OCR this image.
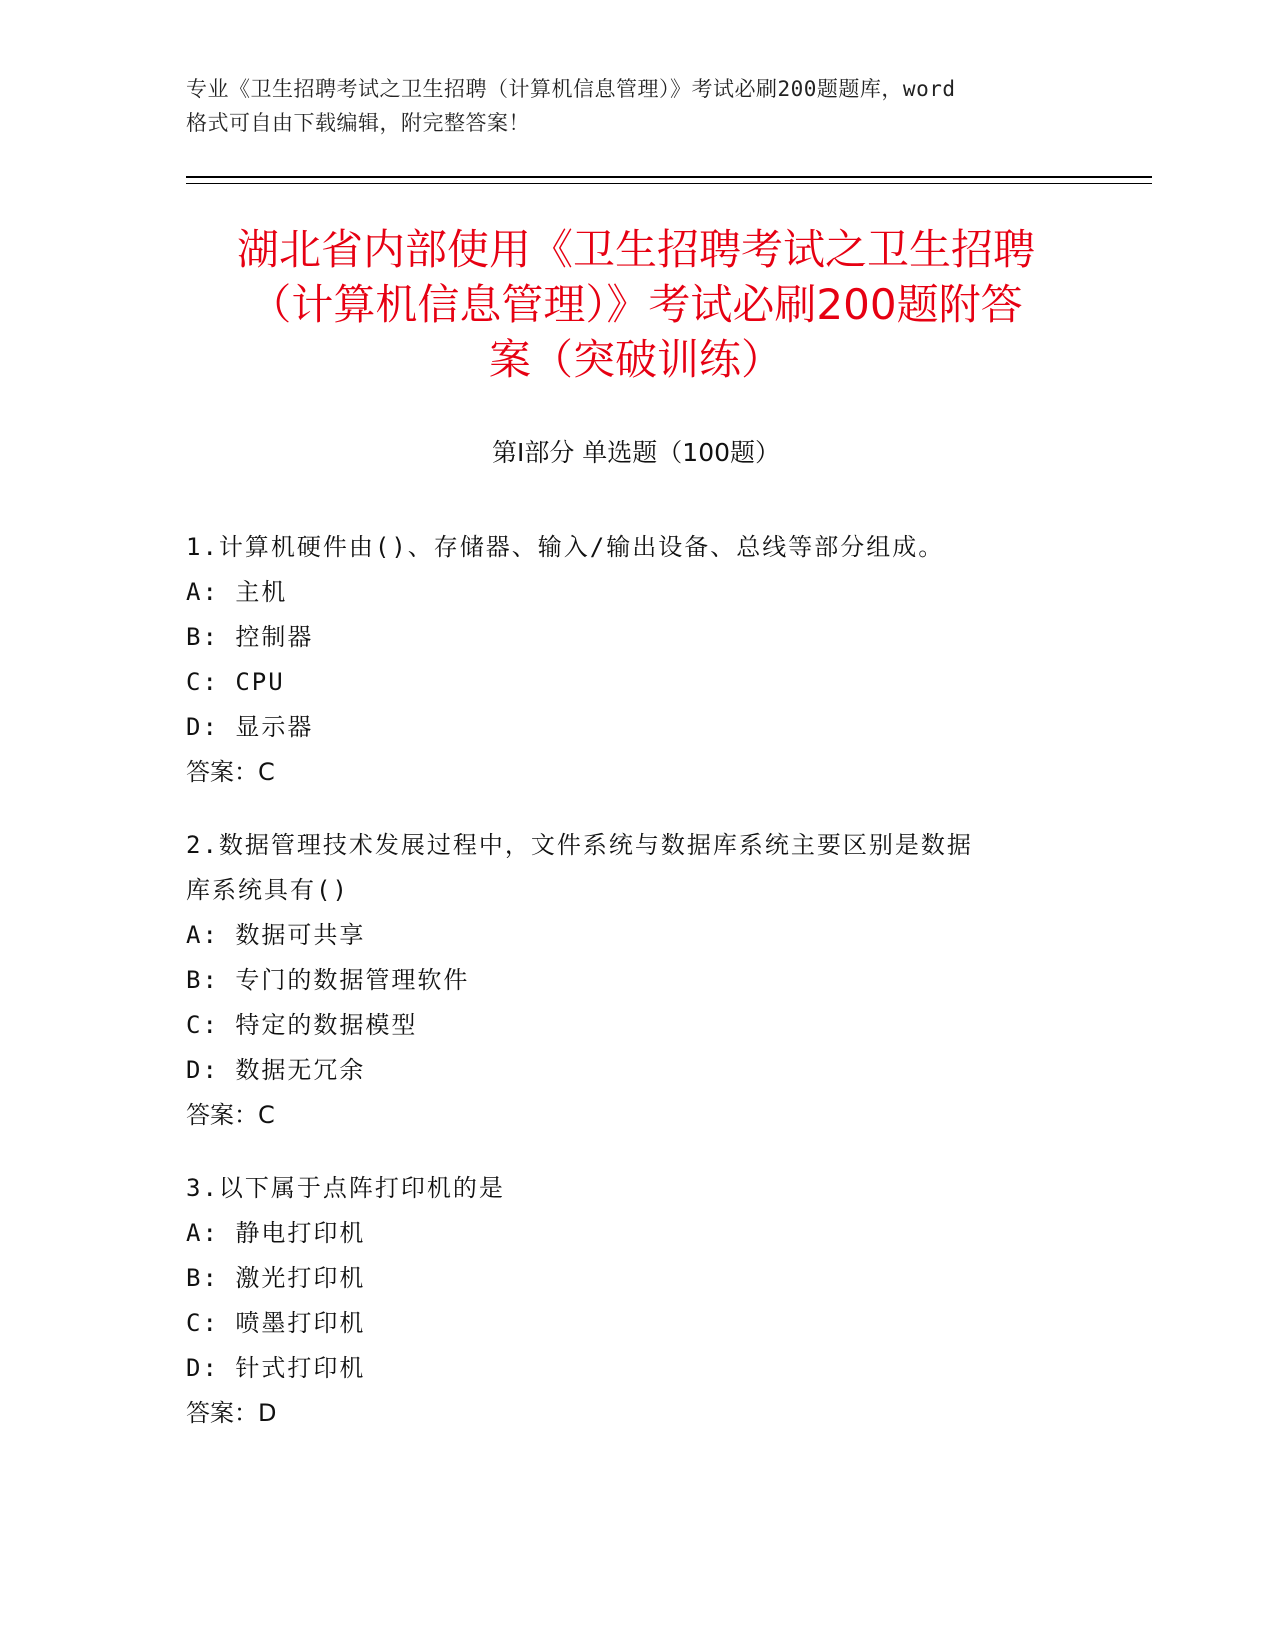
专业《卫生招聘考试之卫生招聘（计算机信息管理）》考试必刷200题题库，word
格式可自由下载编辑，附完整答案！
湖北省内部使用《卫生招聘考试之卫生招聘
（计算机信息管理）》考试必刷200题附答
案（突破训练）
第Ⅰ部分 单选题（100题）
1.计算机硬件由()、存储器、输入/输出设备、总线等部分组成。
A: 主机
B: 控制器
C: CPU
D: 显示器
答案：C
2.数据管理技术发展过程中，文件系统与数据库系统主要区别是数据
库系统具有()
A: 数据可共享
B: 专门的数据管理软件
C: 特定的数据模型
D: 数据无冗余
答案：C
3.以下属于点阵打印机的是
A: 静电打印机
B: 激光打印机
C: 喷墨打印机
D: 针式打印机
答案：D
